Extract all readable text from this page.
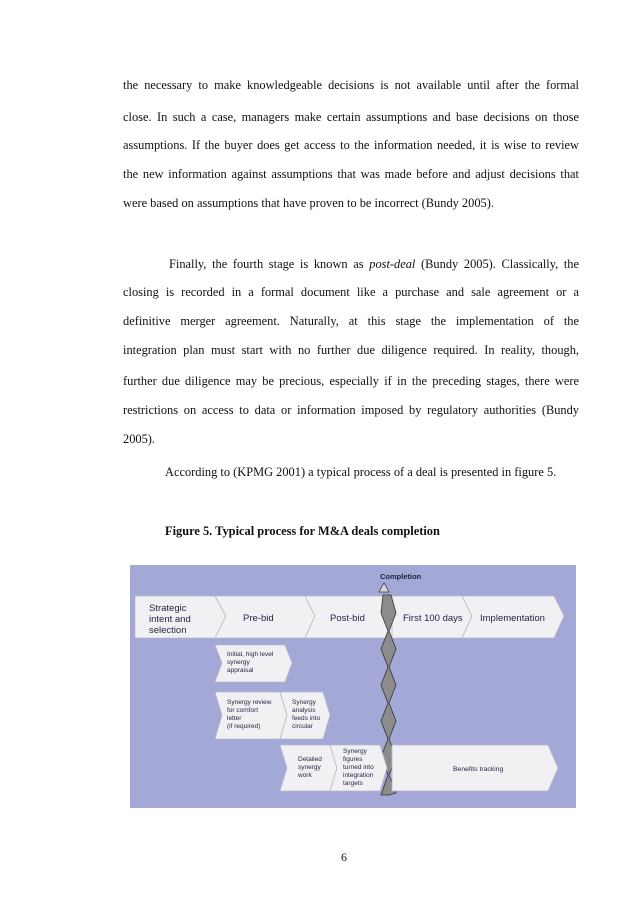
the necessary to make knowledgeable decisions is not available until after the formal
close. In such a case, managers make certain assumptions and base decisions on those
assumptions. If the buyer does get access to the information needed, it is wise to review
the new information against assumptions that was made before and adjust decisions that
were based on assumptions that have proven to be incorrect (Bundy 2005).
Finally, the fourth stage is known as post-deal (Bundy 2005). Classically, the
closing is recorded in a formal document like a purchase and sale agreement or a
definitive merger agreement. Naturally, at this stage the implementation of the
integration plan must start with no further due diligence required. In reality, though,
further due diligence may be precious, especially if in the preceding stages, there were
restrictions on access to data or information imposed by regulatory authorities (Bundy
2005).
According to (KPMG 2001) a typical process of a deal is presented in figure 5.
Figure 5. Typical process for M&A deals completion
Completion
Strategic
intent and
selection
Pre-bid	Post-bid	First 100 days Implementation
Initial, high level
synergy
appraisal
Synergy review
for comfort
letter
(if required)
Synergy
analysis
feeds into
circular
Detailed
synergy
work
Synergy
figures
turned into
integration
targets
Benefits tracking
6
